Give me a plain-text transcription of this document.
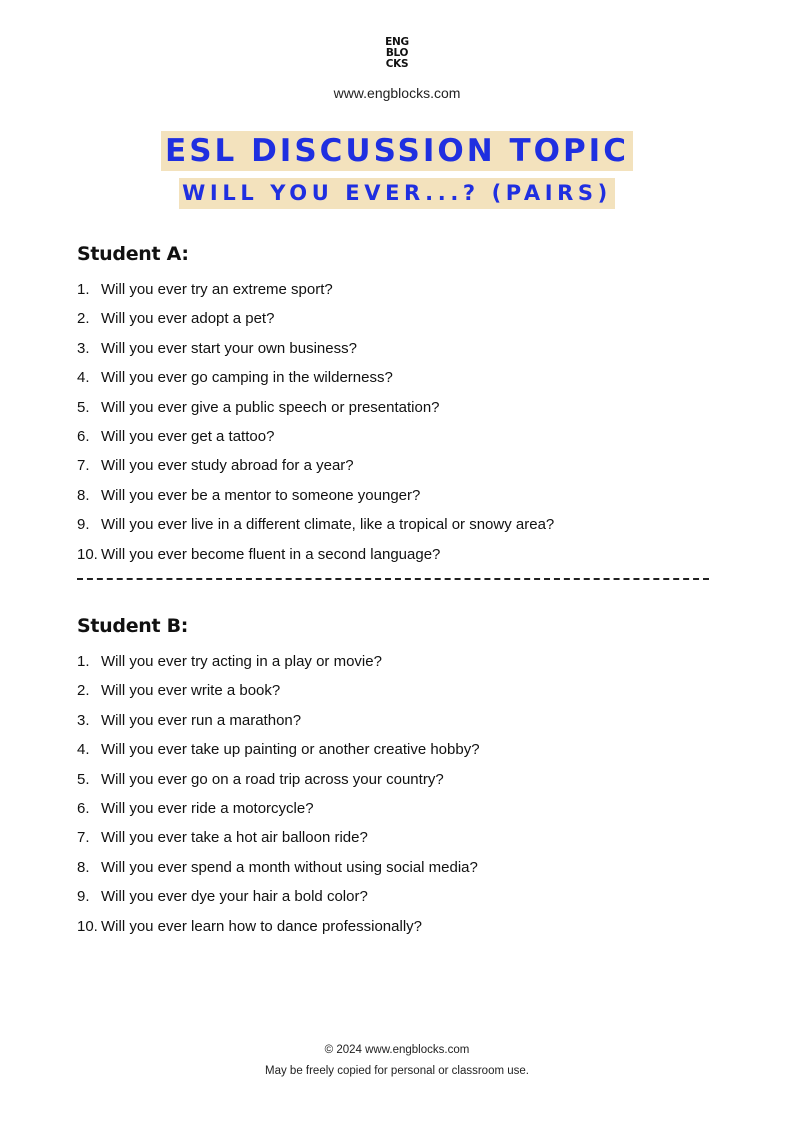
ENG
BLO
CKS
www.engblocks.com
ESL DISCUSSION TOPIC
WILL YOU EVER...? (PAIRS)
Student A:
1. Will you ever try an extreme sport?
2. Will you ever adopt a pet?
3. Will you ever start your own business?
4. Will you ever go camping in the wilderness?
5. Will you ever give a public speech or presentation?
6. Will you ever get a tattoo?
7. Will you ever study abroad for a year?
8. Will you ever be a mentor to someone younger?
9. Will you ever live in a different climate, like a tropical or snowy area?
10. Will you ever become fluent in a second language?
Student B:
1. Will you ever try acting in a play or movie?
2. Will you ever write a book?
3. Will you ever run a marathon?
4. Will you ever take up painting or another creative hobby?
5. Will you ever go on a road trip across your country?
6. Will you ever ride a motorcycle?
7. Will you ever take a hot air balloon ride?
8. Will you ever spend a month without using social media?
9. Will you ever dye your hair a bold color?
10. Will you ever learn how to dance professionally?
© 2024 www.engblocks.com
May be freely copied for personal or classroom use.
